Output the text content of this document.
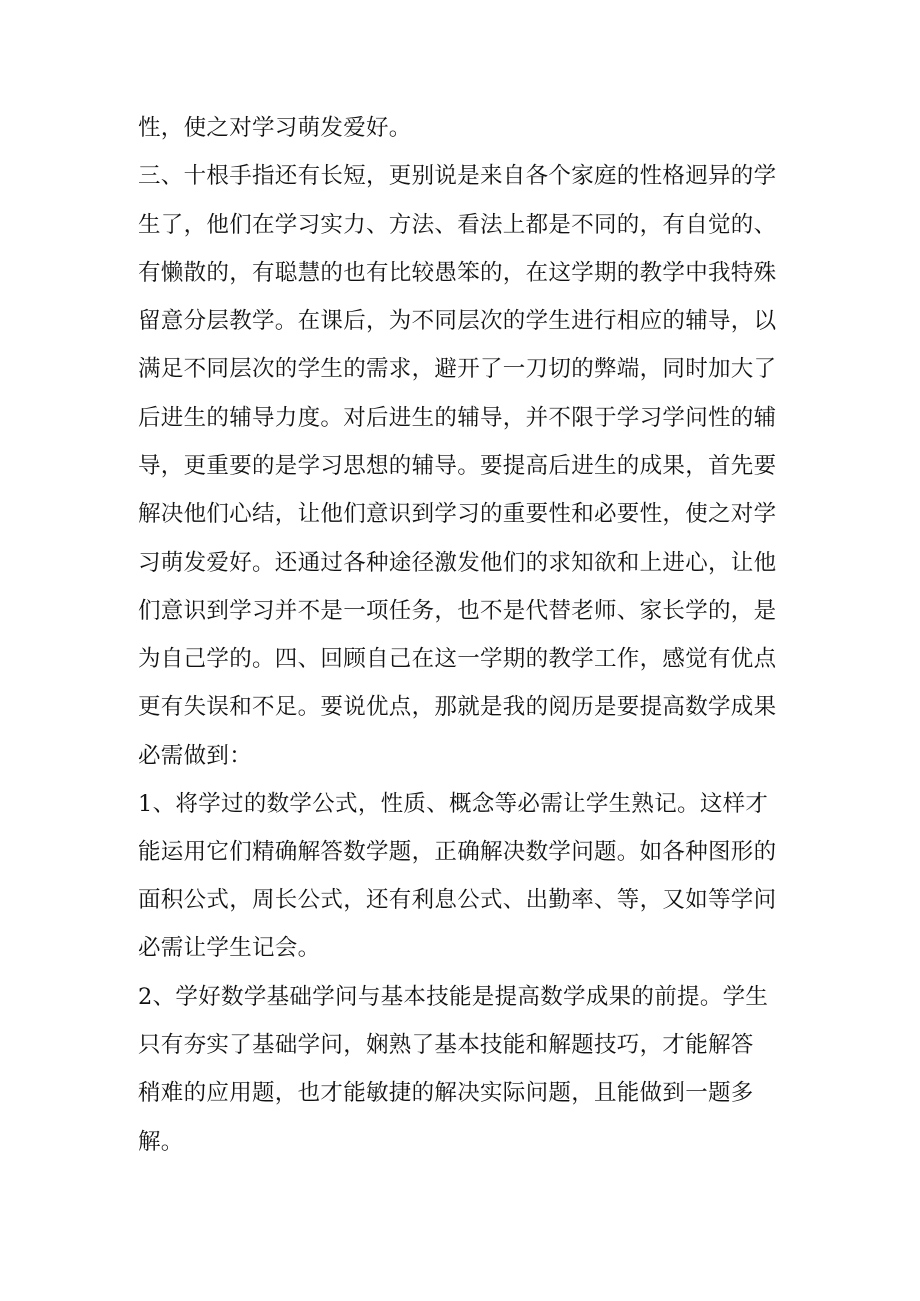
性，使之对学习萌发爱好。
三、十根手指还有长短，更别说是来自各个家庭的性格迥异的学
生了，他们在学习实力、方法、看法上都是不同的，有自觉的、
有懒散的，有聪慧的也有比较愚笨的，在这学期的教学中我特殊
留意分层教学。在课后，为不同层次的学生进行相应的辅导，以
满足不同层次的学生的需求，避开了一刀切的弊端，同时加大了
后进生的辅导力度。对后进生的辅导，并不限于学习学问性的辅
导，更重要的是学习思想的辅导。要提高后进生的成果，首先要
解决他们心结，让他们意识到学习的重要性和必要性，使之对学
习萌发爱好。还通过各种途径激发他们的求知欲和上进心，让他
们意识到学习并不是一项任务，也不是代替老师、家长学的，是
为自己学的。四、回顾自己在这一学期的教学工作，感觉有优点
更有失误和不足。要说优点，那就是我的阅历是要提高数学成果
必需做到：
1、将学过的数学公式，性质、概念等必需让学生熟记。这样才
能运用它们精确解答数学题，正确解决数学问题。如各种图形的
面积公式，周长公式，还有利息公式、出勤率、等，又如等学问
必需让学生记会。
2、学好数学基础学问与基本技能是提高数学成果的前提。学生
只有夯实了基础学问，娴熟了基本技能和解题技巧，才能解答
稍难的应用题，也才能敏捷的解决实际问题，且能做到一题多
解。
